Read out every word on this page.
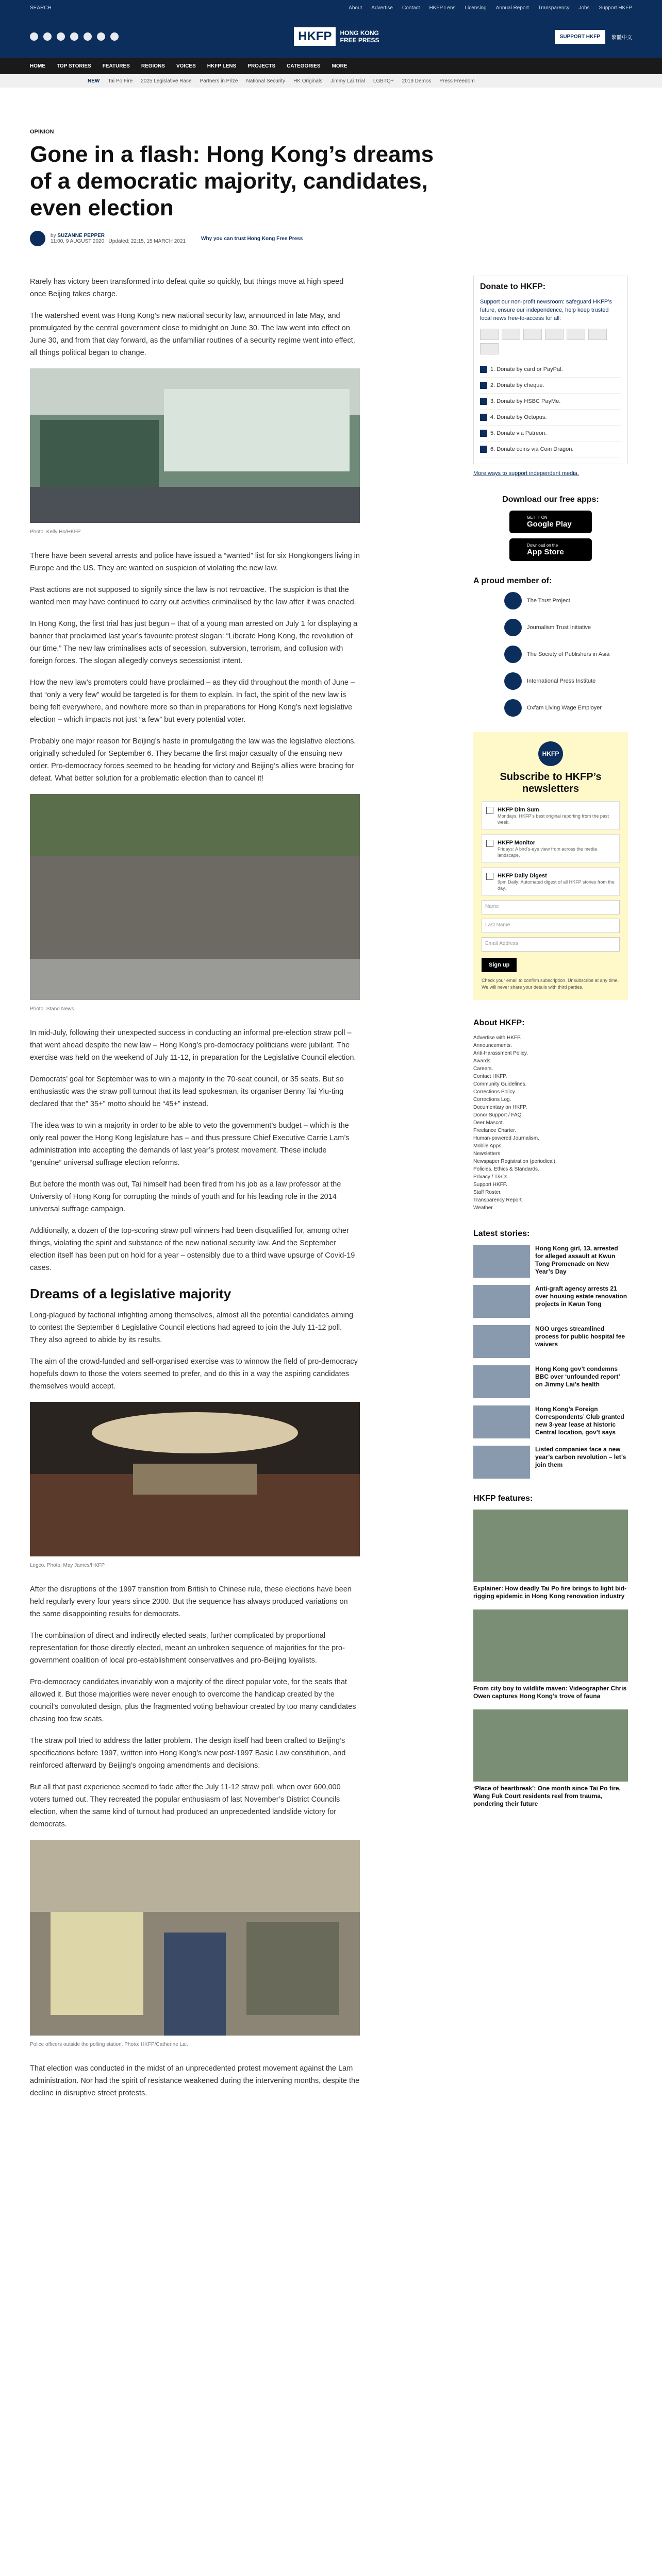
SEARCH	About Advertise Contact HKFP Lens Licensing Annual Report Transparency Jobs Support HKFP
HKFP	HONG KONG
FREE PRESS	SUPPORT HKFP	繁體中文
HOME TOP STORIES FEATURES REGIONS VOICES HKFP LENS PROJECTS CATEGORIES MORE
NEW Tai Po Fire 2025 Legislative Race Partners in Prize National Security HK Originals Jimmy Lai Trial LGBTQ+ 2019 Demos Press Freedom
OPINION
Gone in a flash: Hong Kong’s dreams of a democratic majority, candidates, even election
by SUZANNE PEPPER
11:00, 9 AUGUST 2020 Updated: 22:15, 15 MARCH 2021	Why you can trust Hong Kong Free Press

Rarely has victory been transformed into defeat quite so quickly, but things move at high speed once Beijing takes charge.

The watershed event was Hong Kong’s new national security law, announced in late May, and promulgated by the central government close to midnight on June 30. The law went into effect on June 30, and from that day forward, as the unfamiliar routines of a security regime went into effect, all things political began to change.

Photo: Kelly Ho/HKFP

There have been several arrests and police have issued a “wanted” list for six Hongkongers living in Europe and the US. They are wanted on suspicion of violating the new law.

Past actions are not supposed to signify since the law is not retroactive. The suspicion is that the wanted men may have continued to carry out activities criminalised by the law after it was enacted.

In Hong Kong, the first trial has just begun – that of a young man arrested on July 1 for displaying a banner that proclaimed last year’s favourite protest slogan: “Liberate Hong Kong, the revolution of our time.” The new law criminalises acts of secession, subversion, terrorism, and collusion with foreign forces. The slogan allegedly conveys secessionist intent.

How the new law’s promoters could have proclaimed – as they did throughout the month of June – that “only a very few” would be targeted is for them to explain. In fact, the spirit of the new law is being felt everywhere, and nowhere more so than in preparations for Hong Kong’s next legislative election – which impacts not just “a few” but every potential voter.

Probably one major reason for Beijing’s haste in promulgating the law was the legislative elections, originally scheduled for September 6. They became the first major casualty of the ensuing new order. Pro-democracy forces seemed to be heading for victory and Beijing’s allies were bracing for defeat. What better solution for a problematic election than to cancel it!

Photo: Stand News

In mid-July, following their unexpected success in conducting an informal pre-election straw poll – that went ahead despite the new law – Hong Kong’s pro-democracy politicians were jubilant. The exercise was held on the weekend of July 11-12, in preparation for the Legislative Council election.

Democrats’ goal for September was to win a majority in the 70-seat council, or 35 seats. But so enthusiastic was the straw poll turnout that its lead spokesman, its organiser Benny Tai Yiu-ting declared that the” 35+” motto should be “45+” instead.

The idea was to win a majority in order to be able to veto the government’s budget – which is the only real power the Hong Kong legislature has – and thus pressure Chief Executive Carrie Lam’s administration into accepting the demands of last year’s protest movement. These include “genuine” universal suffrage election reforms.

But before the month was out, Tai himself had been fired from his job as a law professor at the University of Hong Kong for corrupting the minds of youth and for his leading role in the 2014 universal suffrage campaign.

Additionally, a dozen of the top-scoring straw poll winners had been disqualified for, among other things, violating the spirit and substance of the new national security law. And the September election itself has been put on hold for a year – ostensibly due to a third wave upsurge of Covid-19 cases.

Dreams of a legislative majority

Long-plagued by factional infighting among themselves, almost all the potential candidates aiming to contest the September 6 Legislative Council elections had agreed to join the July 11-12 poll. They also agreed to abide by its results.

The aim of the crowd-funded and self-organised exercise was to winnow the field of pro-democracy hopefuls down to those the voters seemed to prefer, and do this in a way the aspiring candidates themselves would accept.

Legco. Photo: May James/HKFP

After the disruptions of the 1997 transition from British to Chinese rule, these elections have been held regularly every four years since 2000. But the sequence has always produced variations on the same disappointing results for democrats.

The combination of direct and indirectly elected seats, further complicated by proportional representation for those directly elected, meant an unbroken sequence of majorities for the pro-government coalition of local pro-establishment conservatives and pro-Beijing loyalists.

Pro-democracy candidates invariably won a majority of the direct popular vote, for the seats that allowed it. But those majorities were never enough to overcome the handicap created by the council’s convoluted design, plus the fragmented voting behaviour created by too many candidates chasing too few seats.

The straw poll tried to address the latter problem. The design itself had been crafted to Beijing’s specifications before 1997, written into Hong Kong’s new post-1997 Basic Law constitution, and reinforced afterward by Beijing’s ongoing amendments and decisions.

But all that past experience seemed to fade after the July 11-12 straw poll, when over 600,000 voters turned out. They recreated the popular enthusiasm of last November’s District Councils election, when the same kind of turnout had produced an unprecedented landslide victory for democrats.

Police officers outside the polling station. Photo: HKFP/Catherine Lai.

That election was conducted in the midst of an unprecedented protest movement against the Lam administration. Nor had the spirit of resistance weakened during the intervening months, despite the decline in disruptive street protests.

Donate to HKFP:

Support our non-profit newsroom: safeguard HKFP’s future, ensure our independence, help keep trusted local news free-to-access for all:

1. Donate by card or PayPal.
2. Donate by cheque.
3. Donate by HSBC PayMe.
4. Donate by Octopus.
5. Donate via Patreon.
6. Donate coins via Coin Dragon.
More ways to support independent media.
Download our free apps:
GET IT ON
Google Play
Download on the
App Store
A proud member of:
The Trust Project
Journalism Trust Initiative
The Society of Publishers in Asia
International Press Institute
Oxfam Living Wage Employer
HKFP
Subscribe to HKFP’s newsletters
HKFP Dim Sum
Mondays: HKFP’s best original reporting from the past week.
HKFP Monitor
Fridays: A bird’s-eye view from across the media landscape.
HKFP Daily Digest
9pm Daily: Automated digest of all HKFP stories from the day.
Name
Last Name
Email Address
Sign up
Check your email to confirm subscription. Unsubscribe at any time. We will never share your details with third parties.
About HKFP:
Advertise with HKFP.
Announcements.
Anti-Harassment Policy.
Awards.
Careers.
Contact HKFP.
Community Guidelines.
Corrections Policy.
Corrections Log.
Documentary on HKFP.
Donor Support / FAQ.
Deer Mascot.
Freelance Charter.
Human-powered Journalism.
Mobile Apps.
Newsletters.
Newspaper Registration (periodical).
Policies, Ethics & Standards.
Privacy / T&Cs.
Support HKFP.
Staff Roster.
Transparency Report.
Weather.
Latest stories:
Hong Kong girl, 13, arrested for alleged assault at Kwun Tong Promenade on New Year’s Day
Anti-graft agency arrests 21 over housing estate renovation projects in Kwun Tong
NGO urges streamlined process for public hospital fee waivers
Hong Kong gov’t condemns BBC over ‘unfounded report’ on Jimmy Lai’s health
Hong Kong’s Foreign Correspondents’ Club granted new 3-year lease at historic Central location, gov’t says
Listed companies face a new year’s carbon revolution – let’s join them
HKFP features:
Explainer: How deadly Tai Po fire brings to light bid-rigging epidemic in Hong Kong renovation industry
From city boy to wildlife maven: Videographer Chris Owen captures Hong Kong’s trove of fauna
‘Place of heartbreak’: One month since Tai Po fire, Wang Fuk Court residents reel from trauma, pondering their future
